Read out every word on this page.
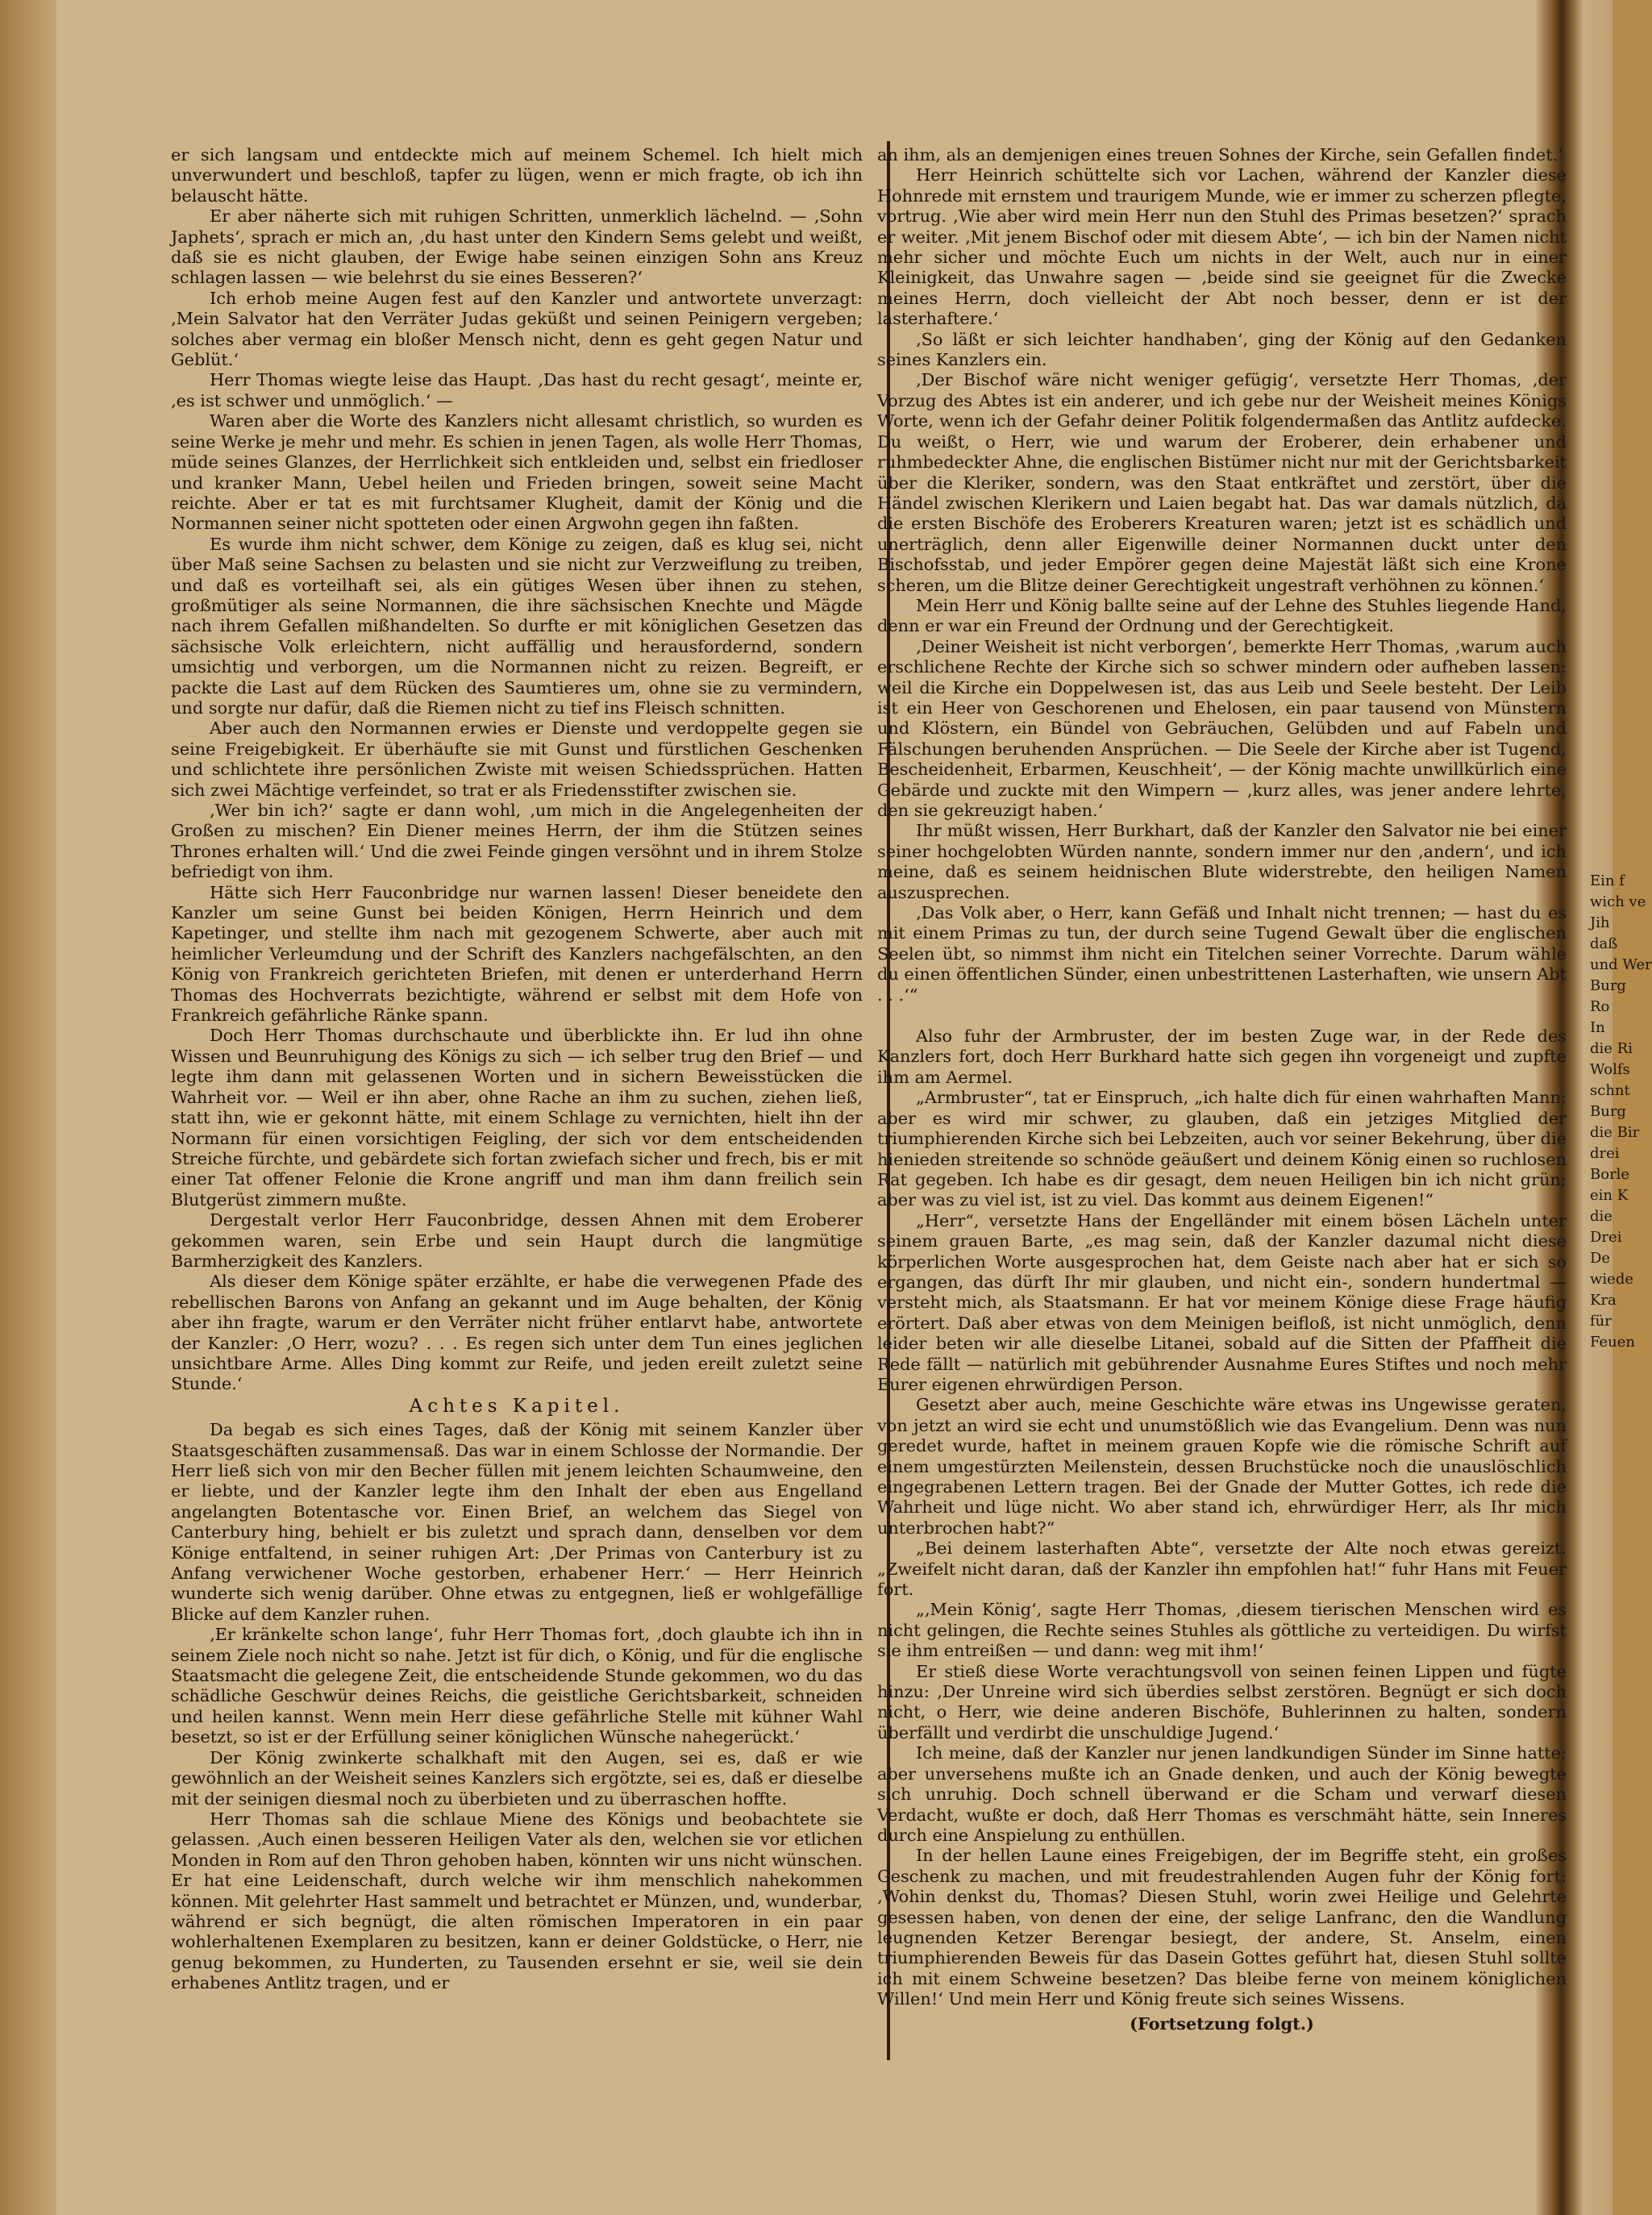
er sich langsam und entdeckte mich auf meinem Schemel. Ich hielt mich unverwundert und beschloß, tapfer zu lügen, wenn er mich fragte, ob ich ihn belauscht hätte.

Er aber näherte sich mit ruhigen Schritten, unmerklich lächelnd. — ‚Sohn Japhets‘, sprach er mich an, ‚du hast unter den Kindern Sems gelebt und weißt, daß sie es nicht glauben, der Ewige habe seinen einzigen Sohn ans Kreuz schlagen lassen — wie belehrst du sie eines Besseren?‘

Ich erhob meine Augen fest auf den Kanzler und antwortete unverzagt: ‚Mein Salvator hat den Verräter Judas geküßt und seinen Peinigern vergeben; solches aber vermag ein bloßer Mensch nicht, denn es geht gegen Natur und Geblüt.‘

Herr Thomas wiegte leise das Haupt. ‚Das hast du recht gesagt‘, meinte er, ‚es ist schwer und unmöglich.‘ —

Waren aber die Worte des Kanzlers nicht allesamt christlich, so wurden es seine Werke je mehr und mehr. Es schien in jenen Tagen, als wolle Herr Thomas, müde seines Glanzes, der Herrlichkeit sich entkleiden und, selbst ein friedloser und kranker Mann, Uebel heilen und Frieden bringen, soweit seine Macht reichte. Aber er tat es mit furchtsamer Klugheit, damit der König und die Normannen seiner nicht spotteten oder einen Argwohn gegen ihn faßten.

Es wurde ihm nicht schwer, dem Könige zu zeigen, daß es klug sei, nicht über Maß seine Sachsen zu belasten und sie nicht zur Verzweiflung zu treiben, und daß es vorteilhaft sei, als ein gütiges Wesen über ihnen zu stehen, großmütiger als seine Normannen, die ihre sächsischen Knechte und Mägde nach ihrem Gefallen mißhandelten. So durfte er mit königlichen Gesetzen das sächsische Volk erleichtern, nicht auffällig und herausfordernd, sondern umsichtig und verborgen, um die Normannen nicht zu reizen. Begreift, er packte die Last auf dem Rücken des Saumtieres um, ohne sie zu vermindern, und sorgte nur dafür, daß die Riemen nicht zu tief ins Fleisch schnitten.

Aber auch den Normannen erwies er Dienste und verdoppelte gegen sie seine Freigebigkeit. Er überhäufte sie mit Gunst und fürstlichen Geschenken und schlichtete ihre persönlichen Zwiste mit weisen Schiedssprüchen. Hatten sich zwei Mächtige verfeindet, so trat er als Friedensstifter zwischen sie.

‚Wer bin ich?‘ sagte er dann wohl, ‚um mich in die Angelegenheiten der Großen zu mischen? Ein Diener meines Herrn, der ihm die Stützen seines Thrones erhalten will.‘ Und die zwei Feinde gingen versöhnt und in ihrem Stolze befriedigt von ihm.

Hätte sich Herr Fauconbridge nur warnen lassen! Dieser beneidete den Kanzler um seine Gunst bei beiden Königen, Herrn Heinrich und dem Kapetinger, und stellte ihm nach mit gezogenem Schwerte, aber auch mit heimlicher Verleumdung und der Schrift des Kanzlers nachgefälschten, an den König von Frankreich gerichteten Briefen, mit denen er unterderhand Herrn Thomas des Hochverrats bezichtigte, während er selbst mit dem Hofe von Frankreich gefährliche Ränke spann.

Doch Herr Thomas durchschaute und überblickte ihn. Er lud ihn ohne Wissen und Beunruhigung des Königs zu sich — ich selber trug den Brief — und legte ihm dann mit gelassenen Worten und in sichern Beweisstücken die Wahrheit vor. — Weil er ihn aber, ohne Rache an ihm zu suchen, ziehen ließ, statt ihn, wie er gekonnt hätte, mit einem Schlage zu vernichten, hielt ihn der Normann für einen vorsichtigen Feigling, der sich vor dem entscheidenden Streiche fürchte, und gebärdete sich fortan zwiefach sicher und frech, bis er mit einer Tat offener Felonie die Krone angriff und man ihm dann freilich sein Blutgerüst zimmern mußte.

Dergestalt verlor Herr Fauconbridge, dessen Ahnen mit dem Eroberer gekommen waren, sein Erbe und sein Haupt durch die langmütige Barmherzigkeit des Kanzlers.

Als dieser dem Könige später erzählte, er habe die verwegenen Pfade des rebellischen Barons von Anfang an gekannt und im Auge behalten, der König aber ihn fragte, warum er den Verräter nicht früher entlarvt habe, antwortete der Kanzler: ‚O Herr, wozu? . . . Es regen sich unter dem Tun eines jeglichen unsichtbare Arme. Alles Ding kommt zur Reife, und jeden ereilt zuletzt seine Stunde.‘

Achtes Kapitel.

Da begab es sich eines Tages, daß der König mit seinem Kanzler über Staatsgeschäften zusammensaß. Das war in einem Schlosse der Normandie. Der Herr ließ sich von mir den Becher füllen mit jenem leichten Schaumweine, den er liebte, und der Kanzler legte ihm den Inhalt der eben aus Engelland angelangten Botentasche vor. Einen Brief, an welchem das Siegel von Canterbury hing, behielt er bis zuletzt und sprach dann, denselben vor dem Könige entfaltend, in seiner ruhigen Art: ‚Der Primas von Canterbury ist zu Anfang verwichener Woche gestorben, erhabener Herr.‘ — Herr Heinrich wunderte sich wenig darüber. Ohne etwas zu entgegnen, ließ er wohlgefällige Blicke auf dem Kanzler ruhen.

‚Er kränkelte schon lange‘, fuhr Herr Thomas fort, ‚doch glaubte ich ihn in seinem Ziele noch nicht so nahe. Jetzt ist für dich, o König, und für die englische Staatsmacht die gelegene Zeit, die entscheidende Stunde gekommen, wo du das schädliche Geschwür deines Reichs, die geistliche Gerichtsbarkeit, schneiden und heilen kannst. Wenn mein Herr diese gefährliche Stelle mit kühner Wahl besetzt, so ist er der Erfüllung seiner königlichen Wünsche nahegerückt.‘

Der König zwinkerte schalkhaft mit den Augen, sei es, daß er wie gewöhnlich an der Weisheit seines Kanzlers sich ergötzte, sei es, daß er dieselbe mit der seinigen diesmal noch zu überbieten und zu überraschen hoffte.

Herr Thomas sah die schlaue Miene des Königs und beobachtete sie gelassen. ‚Auch einen besseren Heiligen Vater als den, welchen sie vor etlichen Monden in Rom auf den Thron gehoben haben, könnten wir uns nicht wünschen. Er hat eine Leidenschaft, durch welche wir ihm menschlich nahekommen können. Mit gelehrter Hast sammelt und betrachtet er Münzen, und, wunderbar, während er sich begnügt, die alten römischen Imperatoren in ein paar wohlerhaltenen Exemplaren zu besitzen, kann er deiner Goldstücke, o Herr, nie genug bekommen, zu Hunderten, zu Tausenden ersehnt er sie, weil sie dein erhabenes Antlitz tragen, und er

an ihm, als an demjenigen eines treuen Sohnes der Kirche, sein Gefallen findet.‘

Herr Heinrich schüttelte sich vor Lachen, während der Kanzler diese Hohnrede mit ernstem und traurigem Munde, wie er immer zu scherzen pflegte, vortrug. ‚Wie aber wird mein Herr nun den Stuhl des Primas besetzen?‘ sprach er weiter. ‚Mit jenem Bischof oder mit diesem Abte‘, — ich bin der Namen nicht mehr sicher und möchte Euch um nichts in der Welt, auch nur in einer Kleinigkeit, das Unwahre sagen — ‚beide sind sie geeignet für die Zwecke meines Herrn, doch vielleicht der Abt noch besser, denn er ist der lasterhaftere.‘

‚So läßt er sich leichter handhaben‘, ging der König auf den Gedanken seines Kanzlers ein.

‚Der Bischof wäre nicht weniger gefügig‘, versetzte Herr Thomas, ‚der Vorzug des Abtes ist ein anderer, und ich gebe nur der Weisheit meines Königs Worte, wenn ich der Gefahr deiner Politik folgendermaßen das Antlitz aufdecke. Du weißt, o Herr, wie und warum der Eroberer, dein erhabener und ruhmbedeckter Ahne, die englischen Bistümer nicht nur mit der Gerichtsbarkeit über die Kleriker, sondern, was den Staat entkräftet und zerstört, über die Händel zwischen Klerikern und Laien begabt hat. Das war damals nützlich, da die ersten Bischöfe des Eroberers Kreaturen waren; jetzt ist es schädlich und unerträglich, denn aller Eigenwille deiner Normannen duckt unter den Bischofsstab, und jeder Empörer gegen deine Majestät läßt sich eine Krone scheren, um die Blitze deiner Gerechtigkeit ungestraft verhöhnen zu können.‘

Mein Herr und König ballte seine auf der Lehne des Stuhles liegende Hand, denn er war ein Freund der Ordnung und der Gerechtigkeit.

‚Deiner Weisheit ist nicht verborgen‘, bemerkte Herr Thomas, ‚warum auch erschlichene Rechte der Kirche sich so schwer mindern oder aufheben lassen: weil die Kirche ein Doppelwesen ist, das aus Leib und Seele besteht. Der Leib ist ein Heer von Geschorenen und Ehelosen, ein paar tausend von Münstern und Klöstern, ein Bündel von Gebräuchen, Gelübden und auf Fabeln und Fälschungen beruhenden Ansprüchen. — Die Seele der Kirche aber ist Tugend, Bescheidenheit, Erbarmen, Keuschheit‘, — der König machte unwillkürlich eine Gebärde und zuckte mit den Wimpern — ‚kurz alles, was jener andere lehrte, den sie gekreuzigt haben.‘

Ihr müßt wissen, Herr Burkhart, daß der Kanzler den Salvator nie bei einer seiner hochgelobten Würden nannte, sondern immer nur den ‚andern‘, und ich meine, daß es seinem heidnischen Blute widerstrebte, den heiligen Namen auszusprechen.

‚Das Volk aber, o Herr, kann Gefäß und Inhalt nicht trennen; — hast du es mit einem Primas zu tun, der durch seine Tugend Gewalt über die englischen Seelen übt, so nimmst ihm nicht ein Titelchen seiner Vorrechte. Darum wähle du einen öffentlichen Sünder, einen unbestrittenen Lasterhaften, wie unsern Abt . . .‘“

Also fuhr der Armbruster, der im besten Zuge war, in der Rede des Kanzlers fort, doch Herr Burkhard hatte sich gegen ihn vorgeneigt und zupfte ihm am Aermel.

„Armbruster“, tat er Einspruch, „ich halte dich für einen wahrhaften Mann; aber es wird mir schwer, zu glauben, daß ein jetziges Mitglied der triumphierenden Kirche sich bei Lebzeiten, auch vor seiner Bekehrung, über die hienieden streitende so schnöde geäußert und deinem König einen so ruchlosen Rat gegeben. Ich habe es dir gesagt, dem neuen Heiligen bin ich nicht grün; aber was zu viel ist, ist zu viel. Das kommt aus deinem Eigenen!“

„Herr“, versetzte Hans der Engelländer mit einem bösen Lächeln unter seinem grauen Barte, „es mag sein, daß der Kanzler dazumal nicht diese körperlichen Worte ausgesprochen hat, dem Geiste nach aber hat er sich so ergangen, das dürft Ihr mir glauben, und nicht ein-, sondern hundertmal — versteht mich, als Staatsmann. Er hat vor meinem Könige diese Frage häufig erörtert. Daß aber etwas von dem Meinigen beifloß, ist nicht unmöglich, denn leider beten wir alle dieselbe Litanei, sobald auf die Sitten der Pfaffheit die Rede fällt — natürlich mit gebührender Ausnahme Eures Stiftes und noch mehr Eurer eigenen ehrwürdigen Person.

Gesetzt aber auch, meine Geschichte wäre etwas ins Ungewisse geraten, von jetzt an wird sie echt und unumstößlich wie das Evangelium. Denn was nun geredet wurde, haftet in meinem grauen Kopfe wie die römische Schrift auf einem umgestürzten Meilenstein, dessen Bruchstücke noch die unauslöschlich eingegrabenen Lettern tragen. Bei der Gnade der Mutter Gottes, ich rede die Wahrheit und lüge nicht. Wo aber stand ich, ehrwürdiger Herr, als Ihr mich unterbrochen habt?“

„Bei deinem lasterhaften Abte“, versetzte der Alte noch etwas gereizt. „Zweifelt nicht daran, daß der Kanzler ihn empfohlen hat!“ fuhr Hans mit Feuer fort.

„‚Mein König‘, sagte Herr Thomas, ‚diesem tierischen Menschen wird es nicht gelingen, die Rechte seines Stuhles als göttliche zu verteidigen. Du wirfst sie ihm entreißen — und dann: weg mit ihm!‘

Er stieß diese Worte verachtungsvoll von seinen feinen Lippen und fügte hinzu: ‚Der Unreine wird sich überdies selbst zerstören. Begnügt er sich doch nicht, o Herr, wie deine anderen Bischöfe, Buhlerinnen zu halten, sondern überfällt und verdirbt die unschuldige Jugend.‘

Ich meine, daß der Kanzler nur jenen landkundigen Sünder im Sinne hatte; aber unversehens mußte ich an Gnade denken, und auch der König bewegte sich unruhig. Doch schnell überwand er die Scham und verwarf diesen Verdacht, wußte er doch, daß Herr Thomas es verschmäht hätte, sein Inneres durch eine Anspielung zu enthüllen.

In der hellen Laune eines Freigebigen, der im Begriffe steht, ein großes Geschenk zu machen, und mit freudestrahlenden Augen fuhr der König fort: ‚Wohin denkst du, Thomas? Diesen Stuhl, worin zwei Heilige und Gelehrte gesessen haben, von denen der eine, der selige Lanfranc, den die Wandlung leugnenden Ketzer Berengar besiegt, der andere, St. Anselm, einen triumphierenden Beweis für das Dasein Gottes geführt hat, diesen Stuhl sollte ich mit einem Schweine besetzen? Das bleibe ferne von meinem königlichen Willen!‘ Und mein Herr und König freute sich seines Wissens.

(Fortsetzung folgt.)

Ein f
wich ve
Jih
daß
und Wer
Burg
Ro
In
die Ri
Wolfs
schnt
Burg
die Bir
drei
Borle
ein K
die
Drei
De
wiede
Kra
für
Feuen
